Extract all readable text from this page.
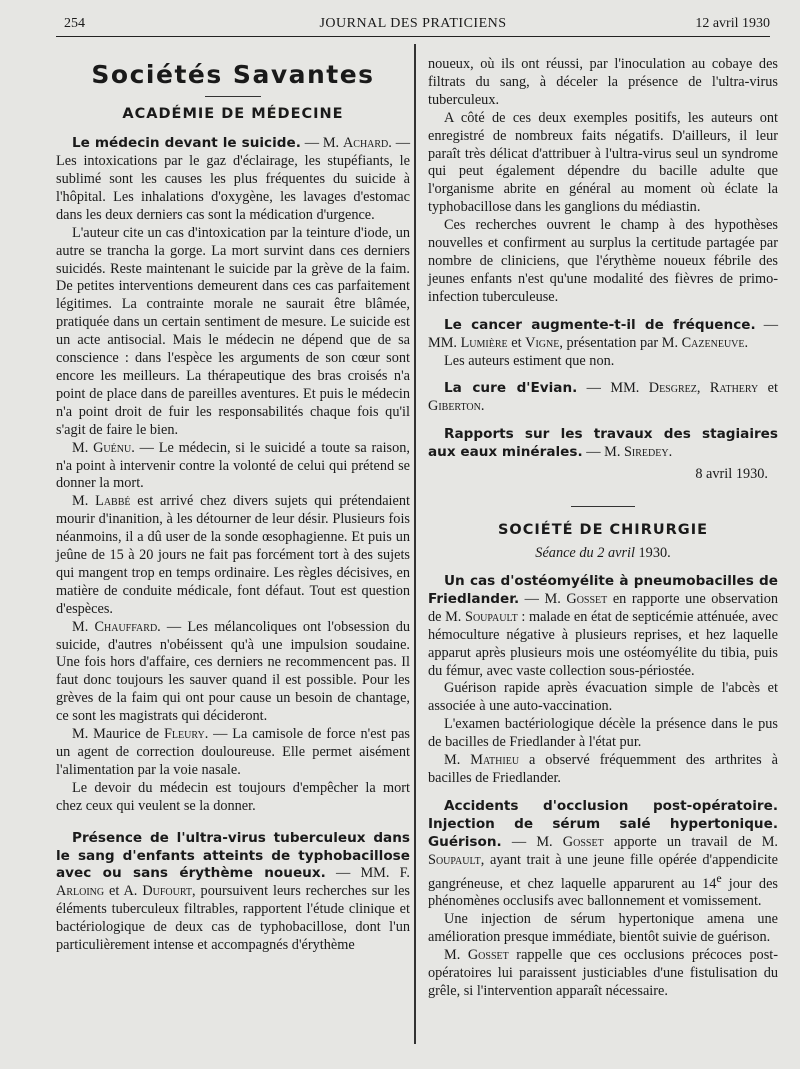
254	JOURNAL DES PRATICIENS	12 avril 1930
Sociétés Savantes
ACADÉMIE DE MÉDECINE

Le médecin devant le suicide. — M. Achard. — Les intoxications par le gaz d'éclairage, les stupéfiants, le sublimé sont les causes les plus fréquentes du suicide à l'hôpital. Les inhalations d'oxygène, les lavages d'estomac dans les deux derniers cas sont la médication d'urgence.

L'auteur cite un cas d'intoxication par la teinture d'iode, un autre se trancha la gorge. La mort survint dans ces derniers suicidés. Reste maintenant le suicide par la grève de la faim. De petites interventions demeurent dans ces cas parfaitement légitimes. La contrainte morale ne saurait être blâmée, pratiquée dans un certain sentiment de mesure. Le suicide est un acte antisocial. Mais le médecin ne dépend que de sa conscience : dans l'espèce les arguments de son cœur sont encore les meilleurs. La thérapeutique des bras croisés n'a point de place dans de pareilles aventures. Et puis le médecin n'a point droit de fuir les responsabilités chaque fois qu'il s'agit de faire le bien.

M. Guénu. — Le médecin, si le suicidé a toute sa raison, n'a point à intervenir contre la volonté de celui qui prétend se donner la mort.

M. Labbé est arrivé chez divers sujets qui prétendaient mourir d'inanition, à les détourner de leur désir. Plusieurs fois néanmoins, il a dû user de la sonde œsophagienne. Et puis un jeûne de 15 à 20 jours ne fait pas forcément tort à des sujets qui mangent trop en temps ordinaire. Les règles décisives, en matière de conduite médicale, font défaut. Tout est question d'espèces.

M. Chauffard. — Les mélancoliques ont l'obsession du suicide, d'autres n'obéissent qu'à une impulsion soudaine. Une fois hors d'affaire, ces derniers ne recommencent pas. Il faut donc toujours les sauver quand il est possible. Pour les grèves de la faim qui ont pour cause un besoin de chantage, ce sont les magistrats qui décideront.

M. Maurice de Fleury. — La camisole de force n'est pas un agent de correction douloureuse. Elle permet aisément l'alimentation par la voie nasale.

Le devoir du médecin est toujours d'empêcher la mort chez ceux qui veulent se la donner.

Présence de l'ultra-virus tuberculeux dans le sang d'enfants atteints de typhobacillose avec ou sans érythème noueux. — MM. F. Arloing et A. Dufourt, poursuivent leurs recherches sur les éléments tuberculeux filtrables, rapportent l'étude clinique et bactériologique de deux cas de typhobacillose, dont l'un particulièrement intense et accompagnés d'érythème

noueux, où ils ont réussi, par l'inoculation au cobaye des filtrats du sang, à déceler la présence de l'ultra-virus tuberculeux.

A côté de ces deux exemples positifs, les auteurs ont enregistré de nombreux faits négatifs. D'ailleurs, il leur paraît très délicat d'attribuer à l'ultra-virus seul un syndrome qui peut également dépendre du bacille adulte que l'organisme abrite en général au moment où éclate la typhobacillose dans les ganglions du médiastin.

Ces recherches ouvrent le champ à des hypothèses nouvelles et confirment au surplus la certitude partagée par nombre de cliniciens, que l'érythème noueux fébrile des jeunes enfants n'est qu'une modalité des fièvres de primo-infection tuberculeuse.

Le cancer augmente-t-il de fréquence. — MM. Lumière et Vigne, présentation par M. Cazeneuve.

Les auteurs estiment que non.

La cure d'Evian. — MM. Desgrez, Rathery et Giberton.

Rapports sur les travaux des stagiaires aux eaux minérales. — M. Siredey.

8 avril 1930.

SOCIÉTÉ DE CHIRURGIE

Séance du 2 avril 1930.

Un cas d'ostéomyélite à pneumobacilles de Friedlander. — M. Gosset en rapporte une observation de M. Soupault : malade en état de septicémie atténuée, avec hémoculture négative à plusieurs reprises, et hez laquelle apparut après plusieurs mois une ostéomyélite du tibia, puis du fémur, avec vaste collection sous-périostée.

Guérison rapide après évacuation simple de l'abcès et associée à une auto-vaccination.

L'examen bactériologique décèle la présence dans le pus de bacilles de Friedlander à l'état pur.

M. Mathieu a observé fréquemment des arthrites à bacilles de Friedlander.

Accidents d'occlusion post-opératoire. Injection de sérum salé hypertonique. Guérison. — M. Gosset apporte un travail de M. Soupault, ayant trait à une jeune fille opérée d'appendicite gangréneuse, et chez laquelle apparurent au 14e jour des phénomènes occlusifs avec ballonnement et vomissement.

Une injection de sérum hypertonique amena une amélioration presque immédiate, bientôt suivie de guérison.

M. Gosset rappelle que ces occlusions précoces post-opératoires lui paraissent justiciables d'une fistulisation du grêle, si l'intervention apparaît nécessaire.
